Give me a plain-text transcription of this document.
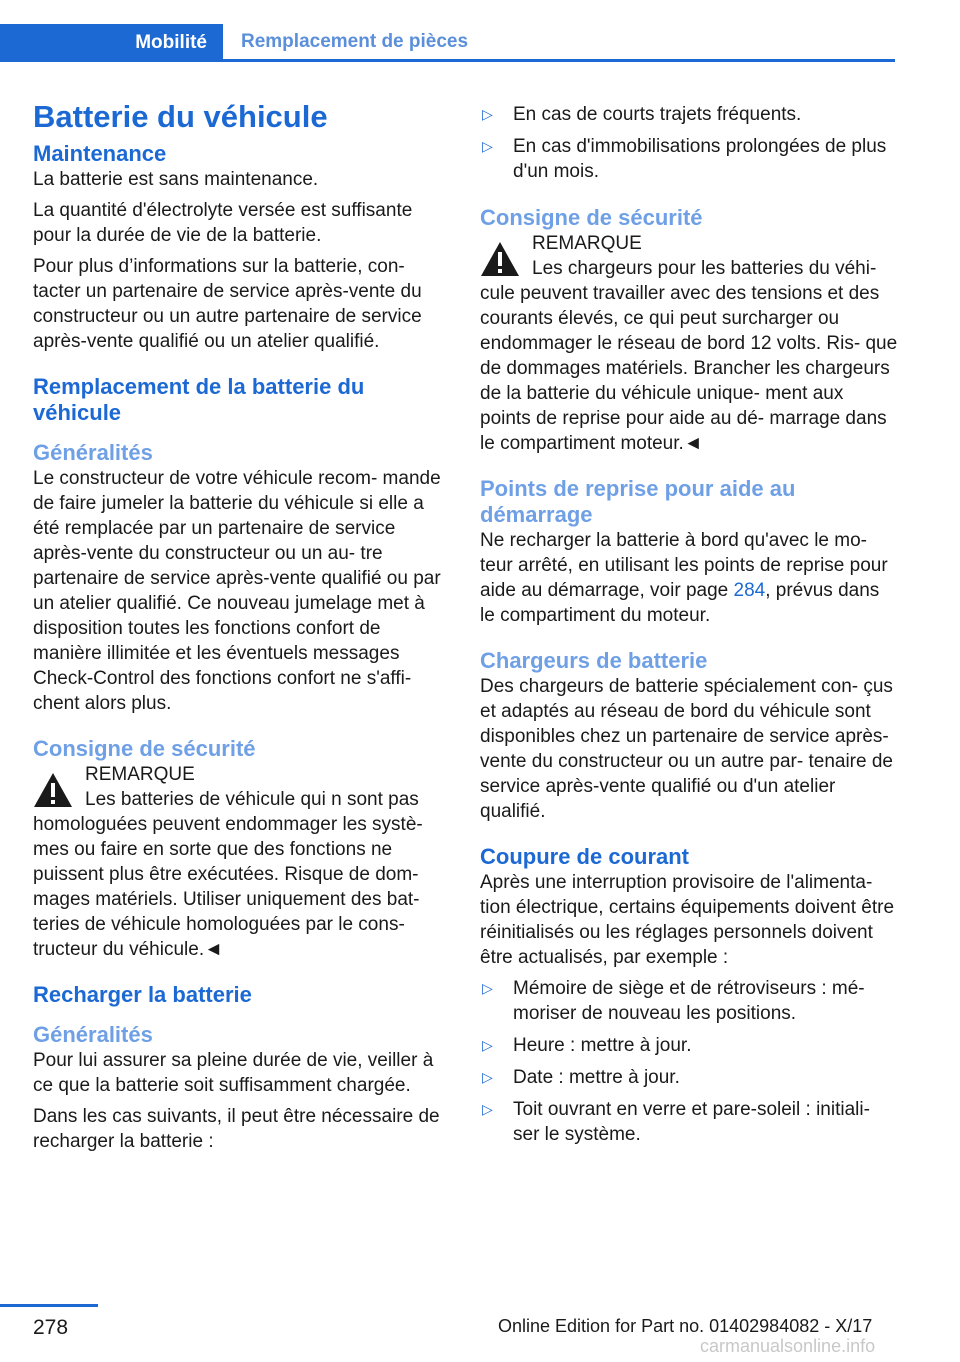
Mobilité	Remplacement de pièces
Batterie du véhicule
Maintenance

La batterie est sans maintenance.

La quantité d'électrolyte versée est suffisante pour la durée de vie de la batterie.

Pour plus d’informations sur la batterie, con‐ tacter un partenaire de service après-vente du constructeur ou un autre partenaire de service après-vente qualifié ou un atelier qualifié.

Remplacement de la batterie du véhicule
Généralités

Le constructeur de votre véhicule recom‐ mande de faire jumeler la batterie du véhicule si elle a été remplacée par un partenaire de service après-vente du constructeur ou un au‐ tre partenaire de service après-vente qualifié ou par un atelier qualifié. Ce nouveau jumelage met à disposition toutes les fonctions confort de manière illimitée et les éventuels messages Check-Control des fonctions confort ne s'affi‐ chent alors plus.

Consigne de sécurité

REMARQUE

Les batteries de véhicule qui n sont pas homologuées peuvent endommager les systè‐ mes ou faire en sorte que des fonctions ne puissent plus être exécutées. Risque de dom‐ mages matériels. Utiliser uniquement des bat‐ teries de véhicule homologuées par le cons‐ tructeur du véhicule.◄

Recharger la batterie
Généralités

Pour lui assurer sa pleine durée de vie, veiller à ce que la batterie soit suffisamment chargée.

Dans les cas suivants, il peut être nécessaire de recharger la batterie :

▷ En cas de courts trajets fréquents.
▷ En cas d'immobilisations prolongées de plus d'un mois.
Consigne de sécurité

REMARQUE

Les chargeurs pour les batteries du véhi‐ cule peuvent travailler avec des tensions et des courants élevés, ce qui peut surcharger ou endommager le réseau de bord 12 volts. Ris‐ que de dommages matériels. Brancher les chargeurs de la batterie du véhicule unique‐ ment aux points de reprise pour aide au dé‐ marrage dans le compartiment moteur.◄

Points de reprise pour aide au démarrage

Ne recharger la batterie à bord qu'avec le mo‐ teur arrêté, en utilisant les points de reprise pour aide au démarrage, voir page 284, prévus dans le compartiment du moteur.

Chargeurs de batterie

Des chargeurs de batterie spécialement con‐ çus et adaptés au réseau de bord du véhicule sont disponibles chez un partenaire de service après-vente du constructeur ou un autre par‐ tenaire de service après-vente qualifié ou d'un atelier qualifié.

Coupure de courant

Après une interruption provisoire de l'alimenta‐ tion électrique, certains équipements doivent être réinitialisés ou les réglages personnels doivent être actualisés, par exemple :

▷ Mémoire de siège et de rétroviseurs : mé‐ moriser de nouveau les positions.
▷ Heure : mettre à jour.
▷ Date : mettre à jour.
▷ Toit ouvrant en verre et pare-soleil : initiali‐ ser le système.
278	Online Edition for Part no. 01402984082 - X/17
carmanualsonline.info
